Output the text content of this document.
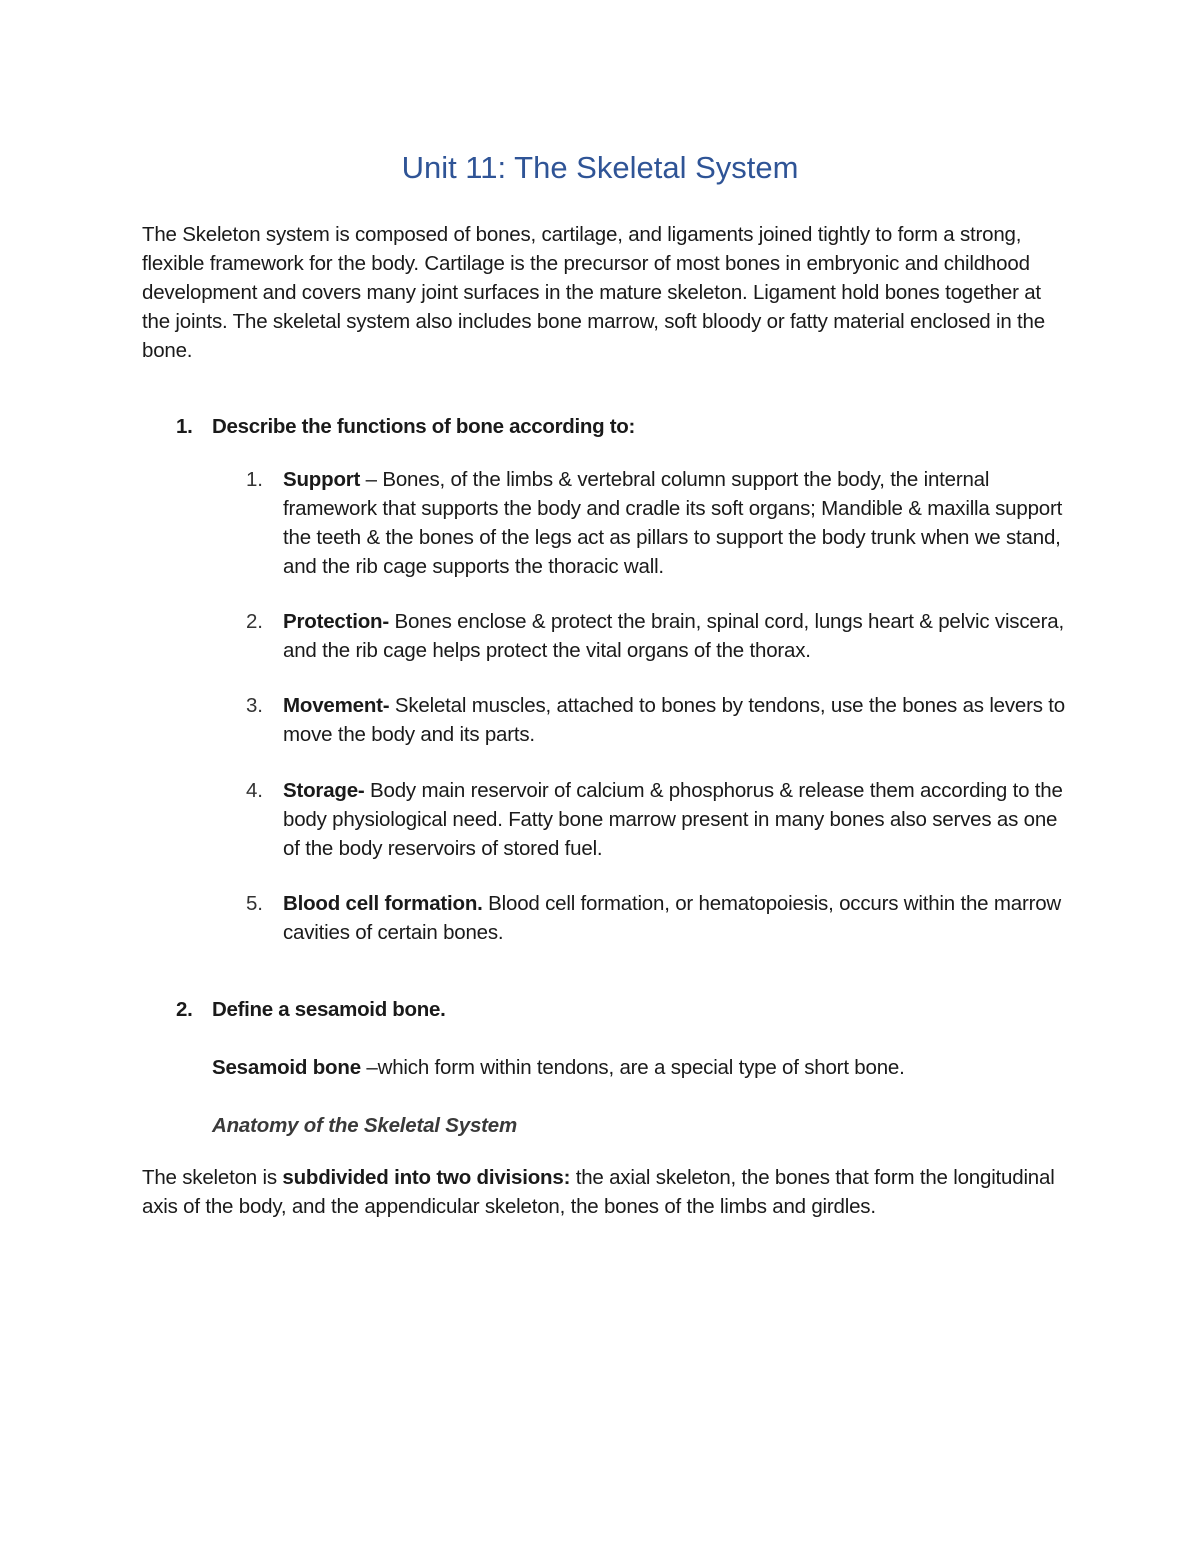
Unit 11: The Skeletal System
The Skeleton system is composed of bones, cartilage, and ligaments joined tightly to form a strong, flexible framework for the body. Cartilage is the precursor of most bones in embryonic and childhood development and covers many joint surfaces in the mature skeleton. Ligament hold bones together at the joints. The skeletal system also includes bone marrow, soft bloody or fatty material enclosed in the bone.
1. Describe the functions of bone according to:
1. Support – Bones, of the limbs & vertebral column support the body, the internal framework that supports the body and cradle its soft organs; Mandible & maxilla support the teeth & the bones of the legs act as pillars to support the body trunk when we stand, and the rib cage supports the thoracic wall.
2. Protection- Bones enclose & protect the brain, spinal cord, lungs heart & pelvic viscera, and the rib cage helps protect the vital organs of the thorax.
3. Movement- Skeletal muscles, attached to bones by tendons, use the bones as levers to move the body and its parts.
4. Storage- Body main reservoir of calcium & phosphorus & release them according to the body physiological need. Fatty bone marrow present in many bones also serves as one of the body reservoirs of stored fuel.
5. Blood cell formation. Blood cell formation, or hematopoiesis, occurs within the marrow cavities of certain bones.
2. Define a sesamoid bone.
Sesamoid bone –which form within tendons, are a special type of short bone.
Anatomy of the Skeletal System
The skeleton is subdivided into two divisions: the axial skeleton, the bones that form the longitudinal axis of the body, and the appendicular skeleton, the bones of the limbs and girdles.
